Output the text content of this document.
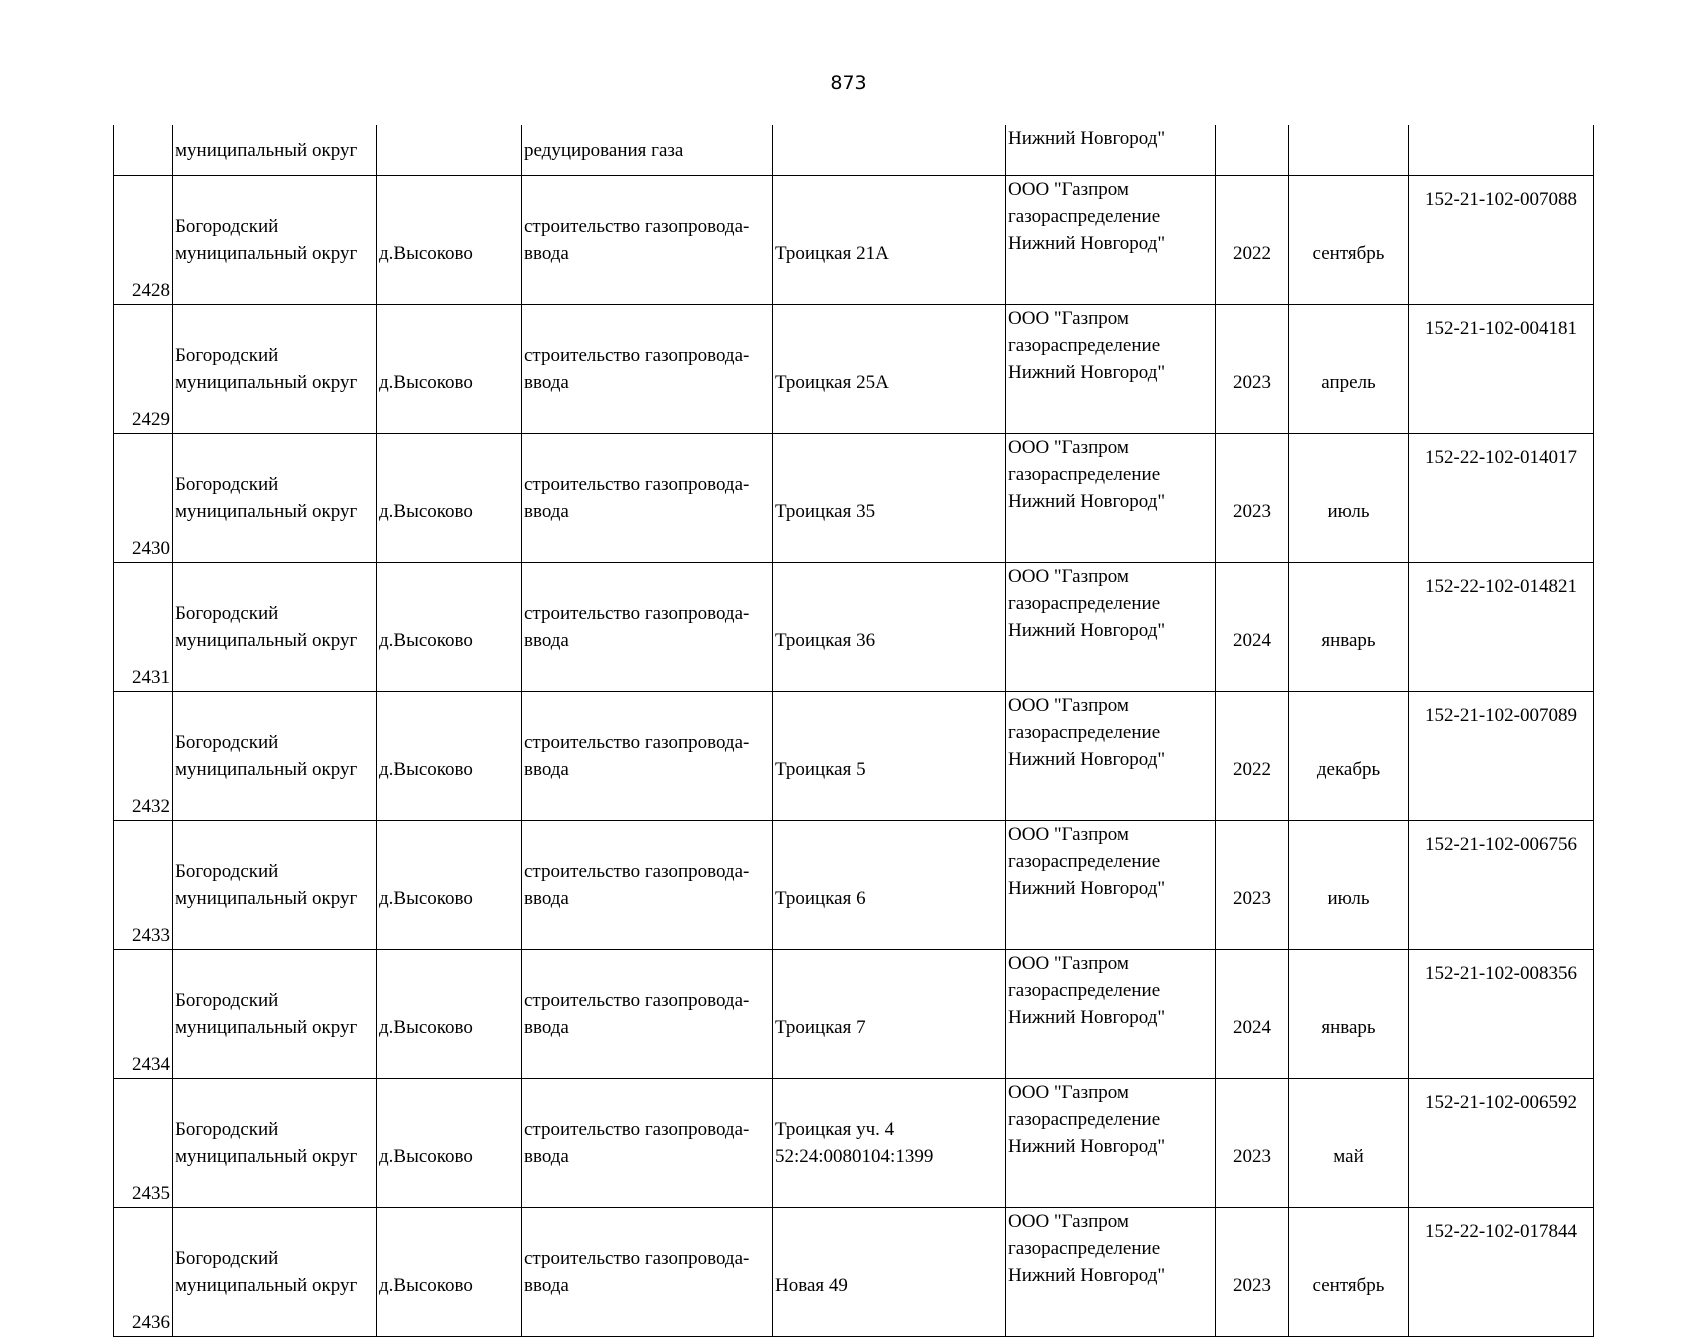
873
	муниципальный округ		редуцирования газа		Нижний Новгород"			
2428	Богородский
муниципальный округ	д.Высоково	строительство газопровода-
ввода	Троицкая 21А	ООО "Газпром
газораспределение
Нижний Новгород"	2022	сентябрь	152-21-102-007088
2429	Богородский
муниципальный округ	д.Высоково	строительство газопровода-
ввода	Троицкая 25А	ООО "Газпром
газораспределение
Нижний Новгород"	2023	апрель	152-21-102-004181
2430	Богородский
муниципальный округ	д.Высоково	строительство газопровода-
ввода	Троицкая 35	ООО "Газпром
газораспределение
Нижний Новгород"	2023	июль	152-22-102-014017
2431	Богородский
муниципальный округ	д.Высоково	строительство газопровода-
ввода	Троицкая 36	ООО "Газпром
газораспределение
Нижний Новгород"	2024	январь	152-22-102-014821
2432	Богородский
муниципальный округ	д.Высоково	строительство газопровода-
ввода	Троицкая 5	ООО "Газпром
газораспределение
Нижний Новгород"	2022	декабрь	152-21-102-007089
2433	Богородский
муниципальный округ	д.Высоково	строительство газопровода-
ввода	Троицкая 6	ООО "Газпром
газораспределение
Нижний Новгород"	2023	июль	152-21-102-006756
2434	Богородский
муниципальный округ	д.Высоково	строительство газопровода-
ввода	Троицкая 7	ООО "Газпром
газораспределение
Нижний Новгород"	2024	январь	152-21-102-008356
2435	Богородский
муниципальный округ	д.Высоково	строительство газопровода-
ввода	Троицкая уч. 4
52:24:0080104:1399	ООО "Газпром
газораспределение
Нижний Новгород"	2023	май	152-21-102-006592
2436	Богородский
муниципальный округ	д.Высоково	строительство газопровода-
ввода	Новая 49	ООО "Газпром
газораспределение
Нижний Новгород"	2023	сентябрь	152-22-102-017844
